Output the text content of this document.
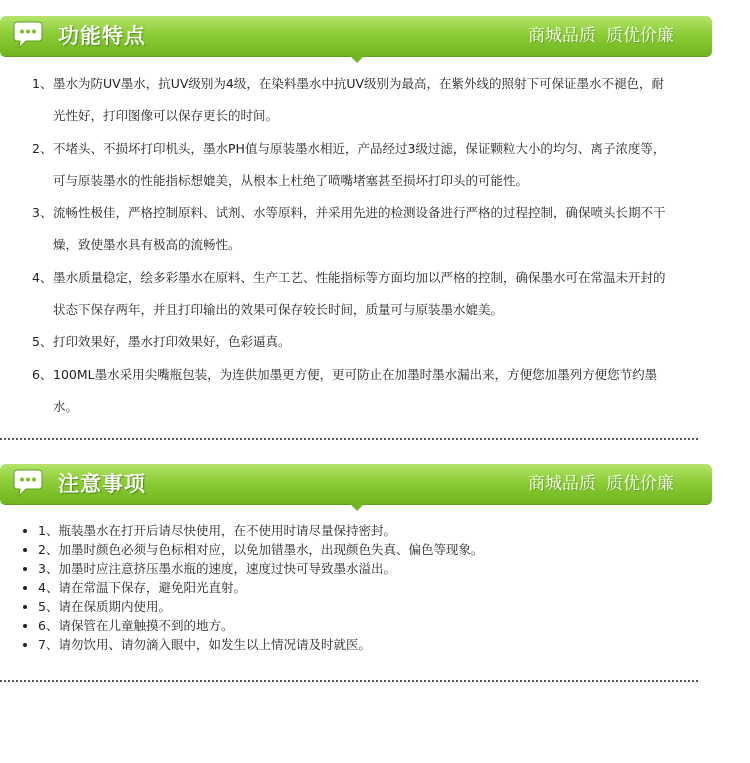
功能特点	商城品质 质优价廉
1、 墨水为防UV墨水，抗UV级别为4级，在染料墨水中抗UV级别为最高，在紫外线的照射下可保证墨水不褪色，耐光性好，打印图像可以保存更长的时间。
2、 不堵头、不损坏打印机头，墨水PH值与原装墨水相近，产品经过3级过滤，保证颗粒大小的均匀、离子浓度等，可与原装墨水的性能指标想媲美，从根本上杜绝了喷嘴堵塞甚至损坏打印头的可能性。
3、 流畅性极佳，严格控制原料、试剂、水等原料，并采用先进的检测设备进行严格的过程控制，确保喷头长期不干燥，致使墨水具有极高的流畅性。
4、 墨水质量稳定，绘多彩墨水在原料、生产工艺、性能指标等方面均加以严格的控制，确保墨水可在常温未开封的状态下保存两年，并且打印输出的效果可保存较长时间，质量可与原装墨水媲美。
5、 打印效果好，墨水打印效果好，色彩逼真。
6、 100ML墨水采用尖嘴瓶包装，为连供加墨更方便，更可防止在加墨时墨水漏出来，方便您加墨列方便您节约墨水。
注意事项	商城品质 质优价廉
• 1、瓶装墨水在打开后请尽快使用，在不使用时请尽量保持密封。
• 2、加墨时颜色必须与色标相对应，以免加错墨水，出现颜色失真、偏色等现象。
• 3、加墨时应注意挤压墨水瓶的速度，速度过快可导致墨水溢出。
• 4、请在常温下保存，避免阳光直射。
• 5、请在保质期内使用。
• 6、请保管在儿童触摸不到的地方。
• 7、请勿饮用、请勿滴入眼中，如发生以上情况请及时就医。
